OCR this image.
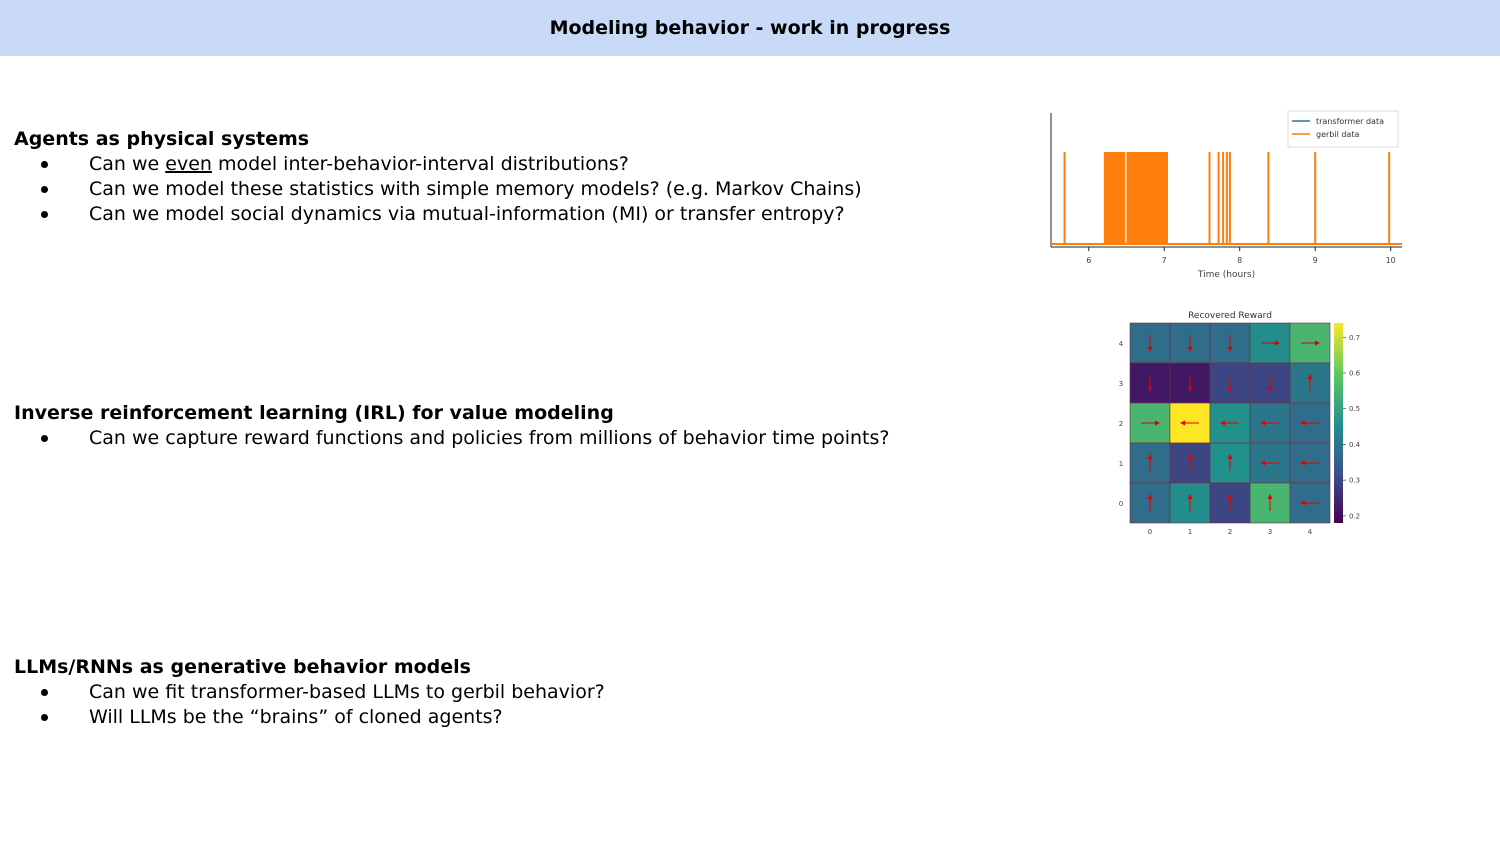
Modeling behavior - work in progress
Agents as physical systems
Can we even model inter-behavior-interval distributions?
Can we model these statistics with simple memory models? (e.g. Markov Chains)
Can we model social dynamics via mutual-information (MI) or transfer entropy?
Inverse reinforcement learning (IRL) for value modeling
Can we capture reward functions and policies from millions of behavior time points?
LLMs/RNNs as generative behavior models
Can we fit transformer-based LLMs to gerbil behavior?
Will LLMs be the “brains” of cloned agents?
6	7	8	9	10
Time (hours)
transformer data
gerbil data
Recovered Reward
4
3
2
1
0
0	1	2	3	4
0.2
0.3
0.4
0.5
0.6
0.7
